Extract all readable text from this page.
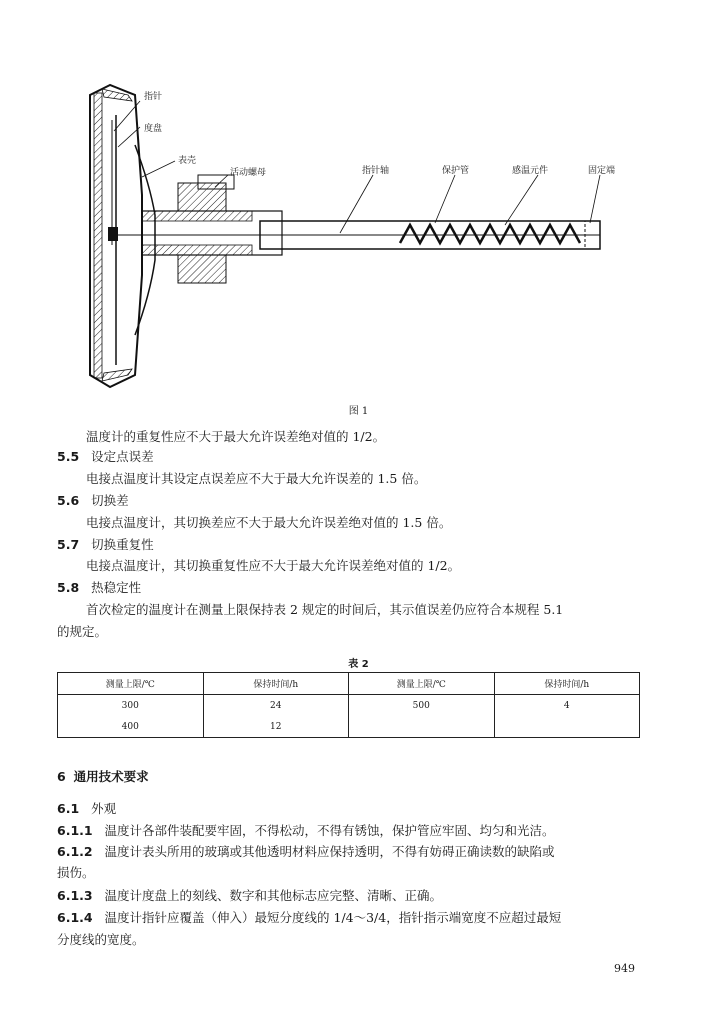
指针
度盘
表壳
活动螺母	指针轴	保护管	感温元件	固定端
图 1
温度计的重复性应不大于最大允许误差绝对值的 1/2。
5.5 设定点误差
电接点温度计其设定点误差应不大于最大允许误差的 1.5 倍。
5.6 切换差
电接点温度计，其切换差应不大于最大允许误差绝对值的 1.5 倍。
5.7 切换重复性
电接点温度计，其切换重复性应不大于最大允许误差绝对值的 1/2。
5.8 热稳定性
首次检定的温度计在测量上限保持表 2 规定的时间后，其示值误差仍应符合本规程 5.1
的规定。
表 2
测量上限/℃	保持时间/h	测量上限/℃	保持时间/h
300	24	500	4
400	12		
6 通用技术要求
6.1 外观
6.1.1 温度计各部件装配要牢固，不得松动，不得有锈蚀，保护管应牢固、均匀和光洁。
6.1.2 温度计表头所用的玻璃或其他透明材料应保持透明，不得有妨碍正确读数的缺陷或
损伤。
6.1.3 温度计度盘上的刻线、数字和其他标志应完整、清晰、正确。
6.1.4 温度计指针应覆盖（伸入）最短分度线的 1/4～3/4，指针指示端宽度不应超过最短
分度线的宽度。
949
